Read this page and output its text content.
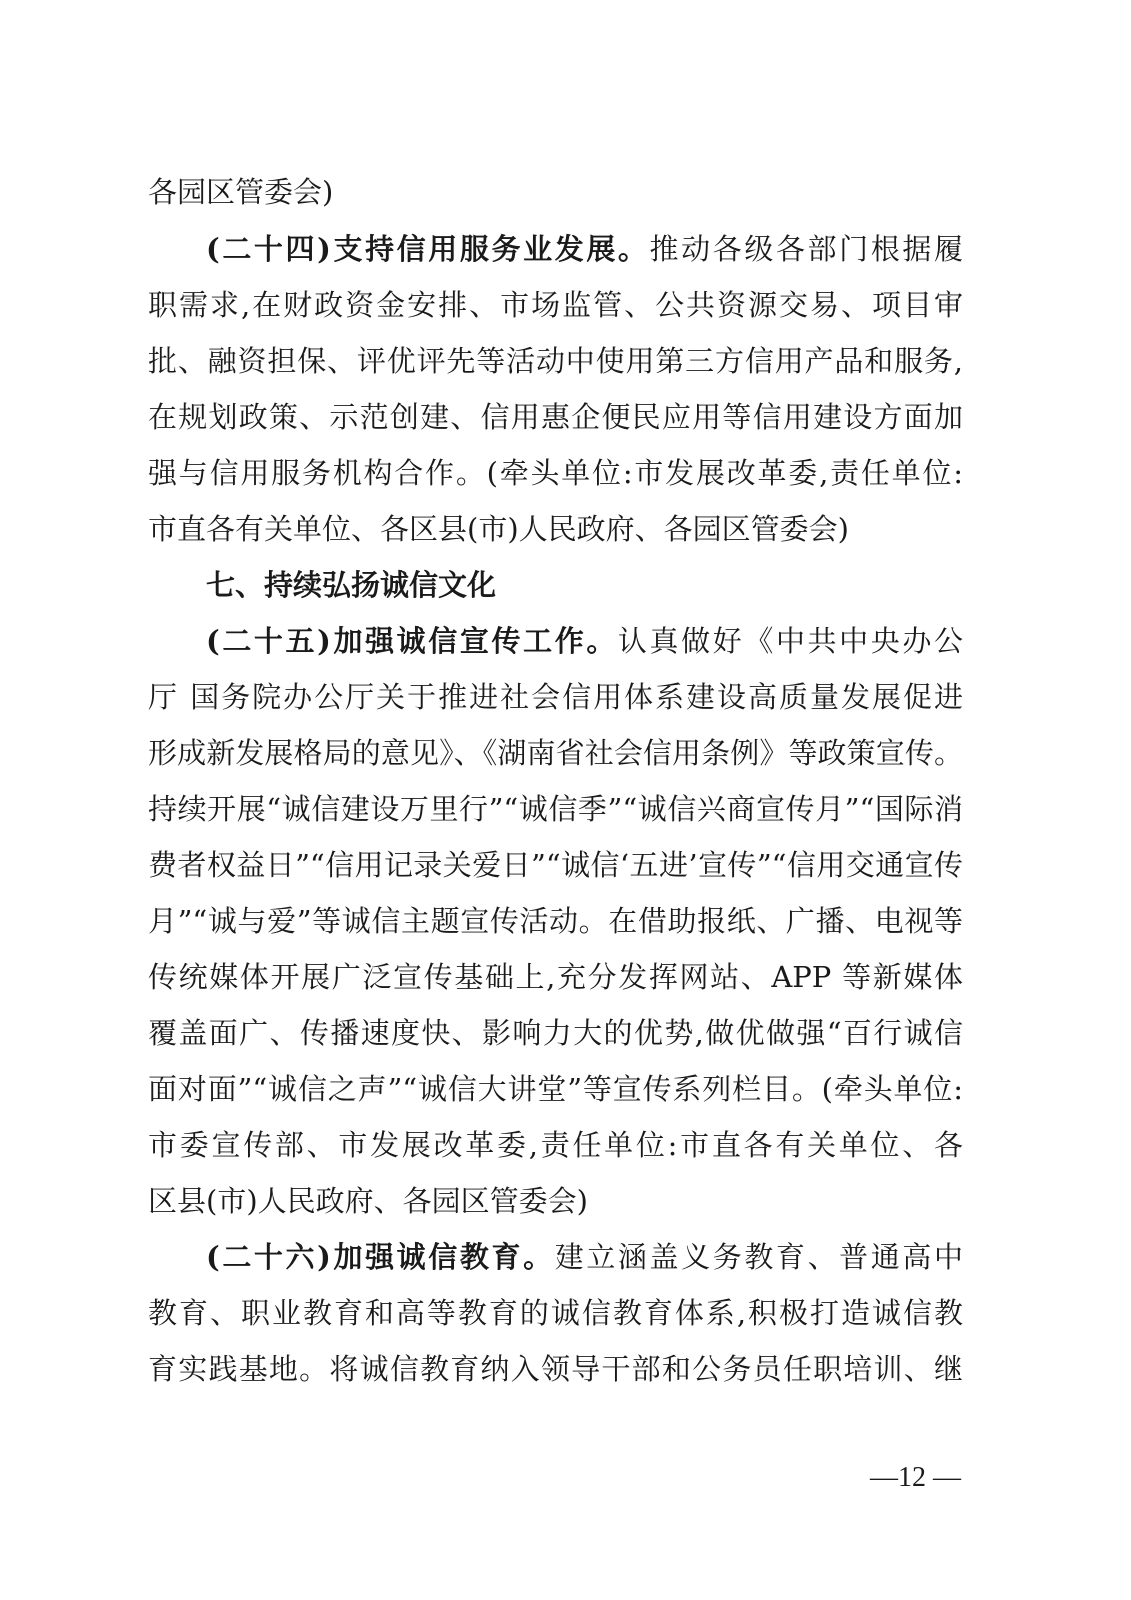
各园区管委会)
(二十四)支持信用服务业发展。推动各级各部门根据履
职需求,在财政资金安排、市场监管、公共资源交易、项目审
批、融资担保、评优评先等活动中使用第三方信用产品和服务,
在规划政策、示范创建、信用惠企便民应用等信用建设方面加
强与信用服务机构合作。(牵头单位:市发展改革委,责任单位:
市直各有关单位、各区县(市)人民政府、各园区管委会)
七、持续弘扬诚信文化
(二十五)加强诚信宣传工作。认真做好《中共中央办公
厅 国务院办公厅关于推进社会信用体系建设高质量发展促进
形成新发展格局的意见》、《湖南省社会信用条例》等政策宣传。
持续开展“诚信建设万里行”“诚信季”“诚信兴商宣传月”“国际消
费者权益日”“信用记录关爱日”“诚信‘五进’宣传”“信用交通宣传
月”“诚与爱”等诚信主题宣传活动。在借助报纸、广播、电视等
传统媒体开展广泛宣传基础上,充分发挥网站、APP 等新媒体
覆盖面广、传播速度快、影响力大的优势,做优做强“百行诚信
面对面”“诚信之声”“诚信大讲堂”等宣传系列栏目。(牵头单位:
市委宣传部、市发展改革委,责任单位:市直各有关单位、各
区县(市)人民政府、各园区管委会)
(二十六)加强诚信教育。建立涵盖义务教育、普通高中
教育、职业教育和高等教育的诚信教育体系,积极打造诚信教
育实践基地。将诚信教育纳入领导干部和公务员任职培训、继
—12 —
